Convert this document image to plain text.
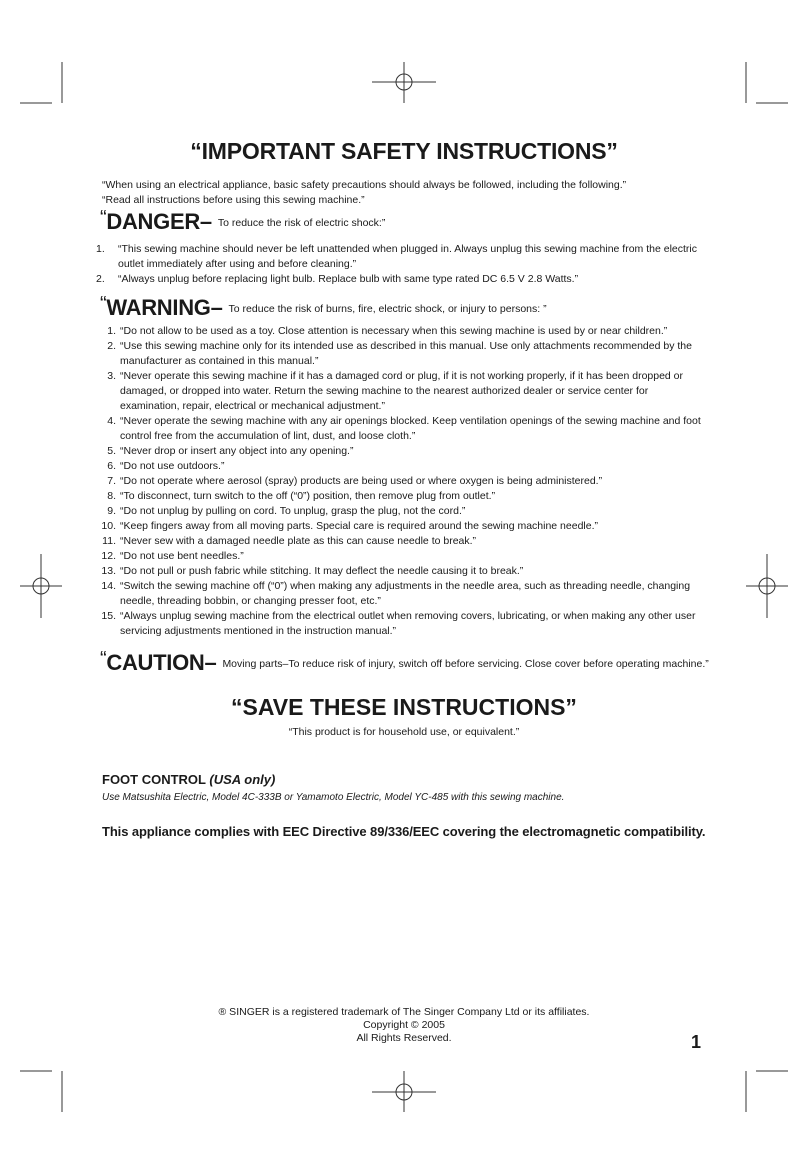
“IMPORTANT SAFETY INSTRUCTIONS”

“When using an electrical appliance, basic safety precautions should always be followed, including the following.”

“Read all instructions before using this sewing machine.”

“DANGER– $^{To reduce the risk of electric shock:”}$
1.	“This sewing machine should never be left unattended when plugged in. Always unplug this sewing machine from the electric outlet immediately after using and before cleaning.”
2.	“Always unplug before replacing light bulb. Replace bulb with same type rated DC 6.5 V 2.8 Watts.”
“WARNING– $^{To reduce the risk of burns, fire, electric shock, or injury to persons: ”}$
1. “Do not allow to be used as a toy. Close attention is necessary when this sewing machine is used by or near children.”
2. “Use this sewing machine only for its intended use as described in this manual. Use only attachments recommended by the manufacturer as contained in this manual.”
3. “Never operate this sewing machine if it has a damaged cord or plug, if it is not working properly, if it has been dropped or damaged, or dropped into water. Return the sewing machine to the nearest authorized dealer or service center for examination, repair, electrical or mechanical adjustment.”
4. “Never operate the sewing machine with any air openings blocked. Keep ventilation openings of the sewing machine and foot control free from the accumulation of lint, dust, and loose cloth.”
5. “Never drop or insert any object into any opening.”
6. “Do not use outdoors.”
7. “Do not operate where aerosol (spray) products are being used or where oxygen is being administered.”
8. “To disconnect, turn switch to the off (“0”) position, then remove plug from outlet.”
9. “Do not unplug by pulling on cord. To unplug, grasp the plug, not the cord.”
10. “Keep fingers away from all moving parts. Special care is required around the sewing machine needle.”
11. “Never sew with a damaged needle plate as this can cause needle to break.”
12. “Do not use bent needles.”
13. “Do not pull or push fabric while stitching. It may deflect the needle causing it to break.”
14. “Switch the sewing machine off (“0”) when making any adjustments in the needle area, such as threading needle, changing needle, threading bobbin, or changing presser foot, etc.”
15. “Always unplug sewing machine from the electrical outlet when removing covers, lubricating, or when making any other user servicing adjustments mentioned in the instruction manual.”
“CAUTION– $^{Moving parts-To reduce risk of injury, switch off before servicing. Close cover before operating machine.”}$
“SAVE THESE INSTRUCTIONS”
“This product is for household use, or equivalent.”
FOOT CONTROL (USA only)
Use Matsushita Electric, Model 4C-333B or Yamamoto Electric, Model YC-485 with this sewing machine.
This appliance complies with EEC Directive 89/336/EEC covering the electromagnetic compatibility.

® SINGER is a registered trademark of The Singer Company Ltd or its affiliates.

Copyright © 2005

All Rights Reserved.	1
